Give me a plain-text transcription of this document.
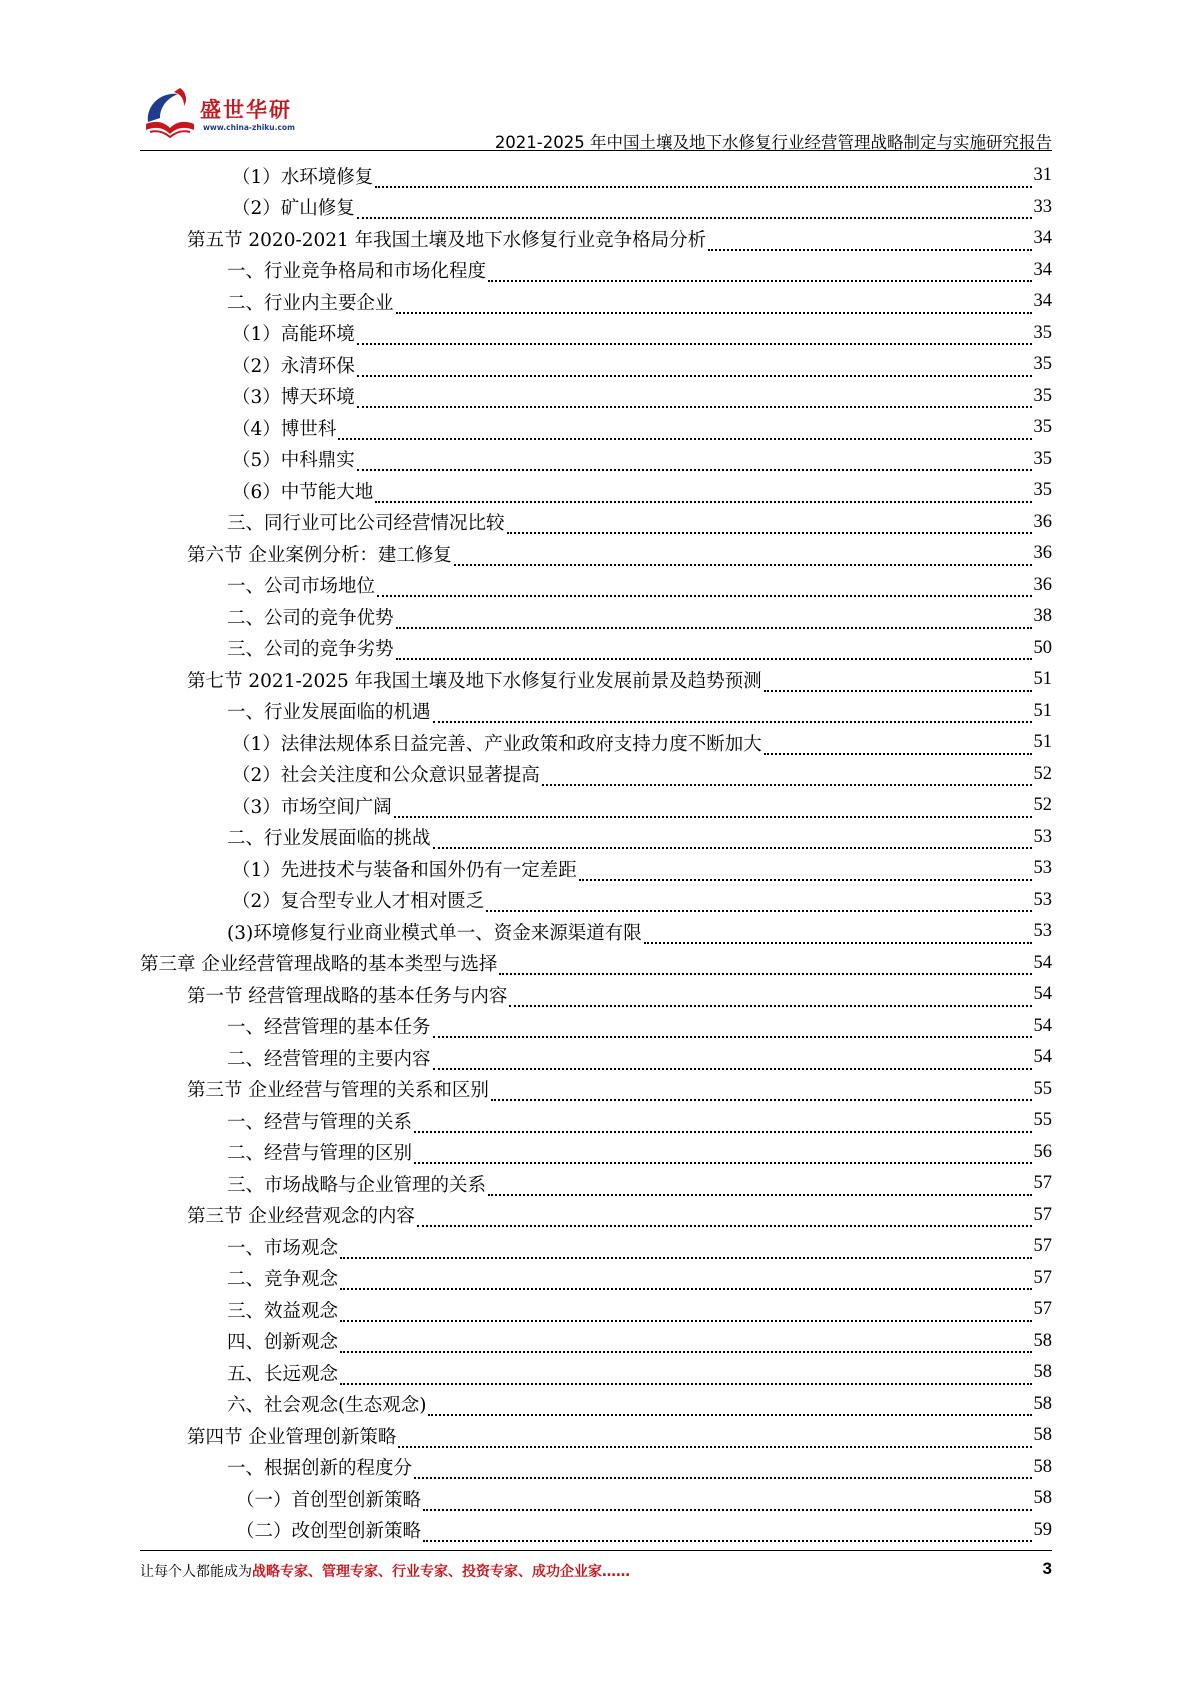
盛世华研
www.china-zhiku.com
2021-2025 年中国土壤及地下水修复行业经营管理战略制定与实施研究报告
（1）水环境修复	31
（2）矿山修复	33
第五节 2020-2021 年我国土壤及地下水修复行业竞争格局分析	34
一、行业竞争格局和市场化程度	34
二、行业内主要企业	34
（1）高能环境	35
（2）永清环保	35
（3）博天环境	35
（4）博世科	35
（5）中科鼎实	35
（6）中节能大地	35
三、同行业可比公司经营情况比较	36
第六节 企业案例分析：建工修复	36
一、公司市场地位	36
二、公司的竞争优势	38
三、公司的竞争劣势	50
第七节 2021-2025 年我国土壤及地下水修复行业发展前景及趋势预测	51
一、行业发展面临的机遇	51
（1）法律法规体系日益完善、产业政策和政府支持力度不断加大	51
（2）社会关注度和公众意识显著提高	52
（3）市场空间广阔	52
二、行业发展面临的挑战	53
（1）先进技术与装备和国外仍有一定差距	53
（2）复合型专业人才相对匮乏	53
(3)环境修复行业商业模式单一、资金来源渠道有限	53
第三章 企业经营管理战略的基本类型与选择	54
第一节 经营管理战略的基本任务与内容	54
一、经营管理的基本任务	54
二、经营管理的主要内容	54
第三节 企业经营与管理的关系和区别	55
一、经营与管理的关系	55
二、经营与管理的区别	56
三、市场战略与企业管理的关系	57
第三节 企业经营观念的内容	57
一、市场观念	57
二、竞争观念	57
三、效益观念	57
四、创新观念	58
五、长远观念	58
六、社会观念(生态观念)	58
第四节 企业管理创新策略	58
一、根据创新的程度分	58
（一）首创型创新策略	58
（二）改创型创新策略	59
让每个人都能成为战略专家、管理专家、行业专家、投资专家、成功企业家……	3
